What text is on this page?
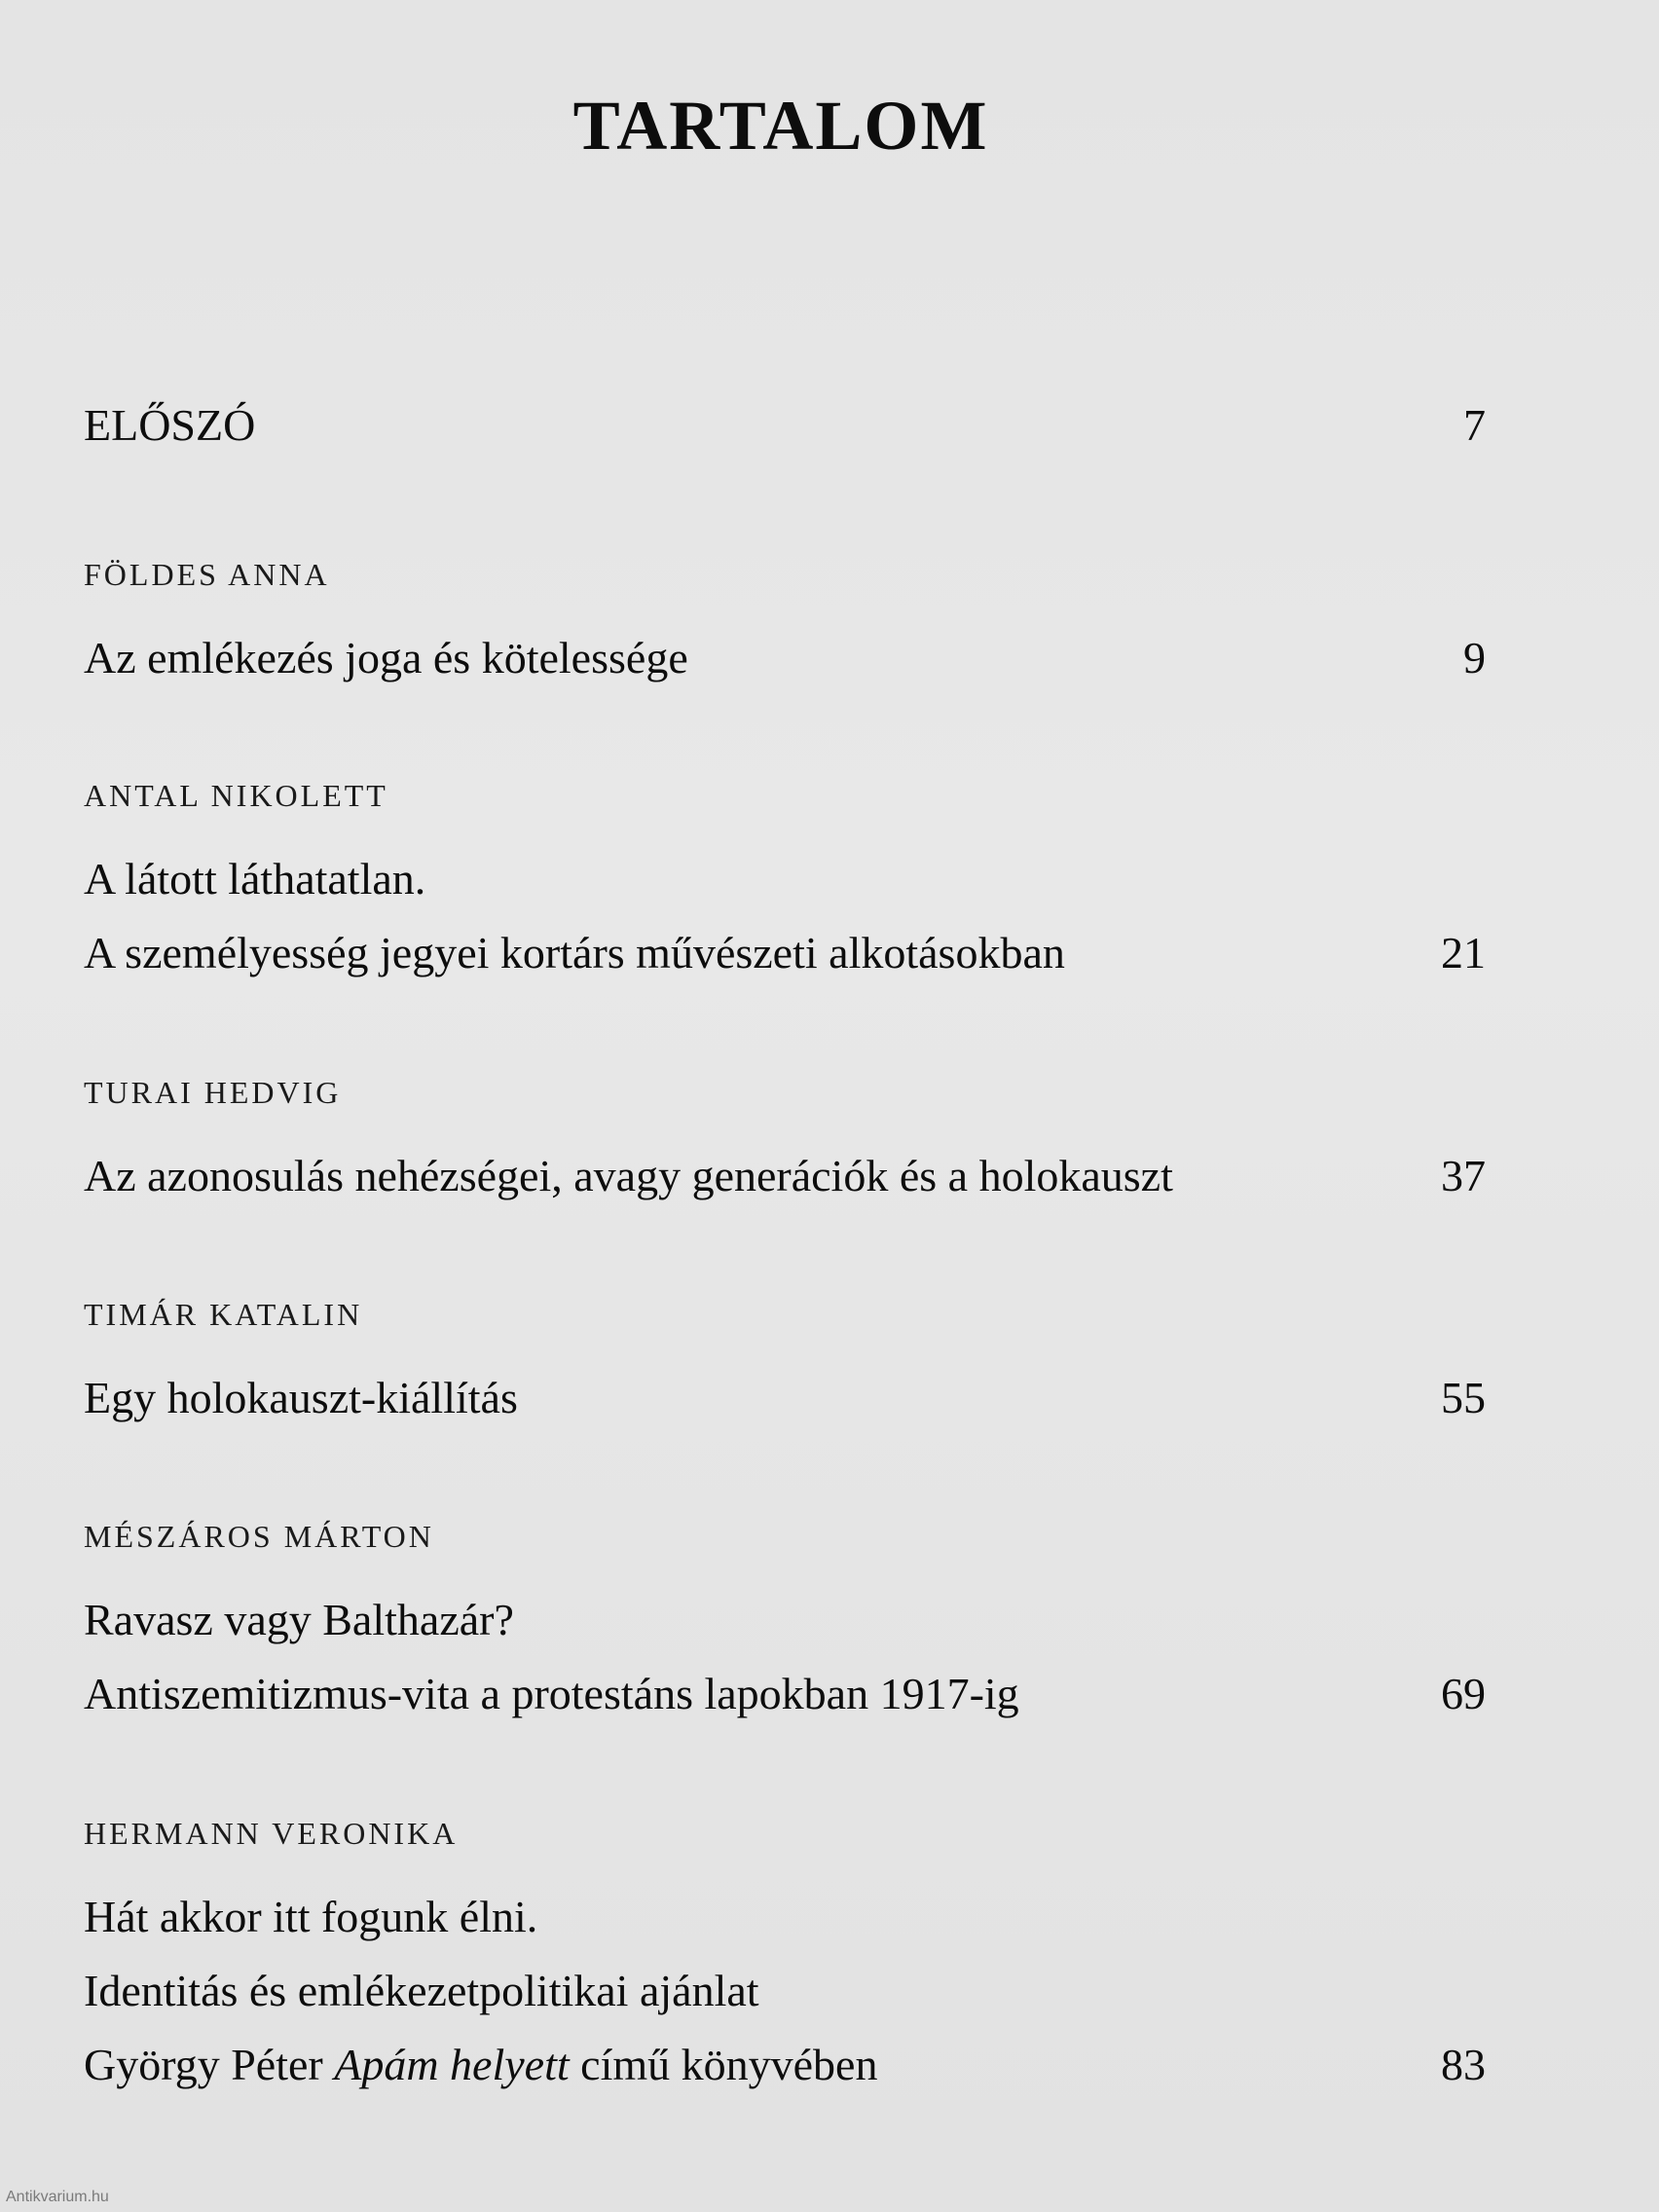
TARTALOM
ELŐSZÓ	7
FÖLDES ANNA
Az emlékezés joga és kötelessége	9
ANTAL NIKOLETT
A látott láthatatlan.
A személyesség jegyei kortárs művészeti alkotásokban	21
TURAI HEDVIG
Az azonosulás nehézségei, avagy generációk és a holokauszt	37
TIMÁR KATALIN
Egy holokauszt-kiállítás	55
MÉSZÁROS MÁRTON
Ravasz vagy Balthazár?
Antiszemitizmus-vita a protestáns lapokban 1917-ig	69
HERMANN VERONIKA
Hát akkor itt fogunk élni.
Identitás és emlékezetpolitikai ajánlat
György Péter Apám helyett című könyvében	83
Antikvarium.hu
